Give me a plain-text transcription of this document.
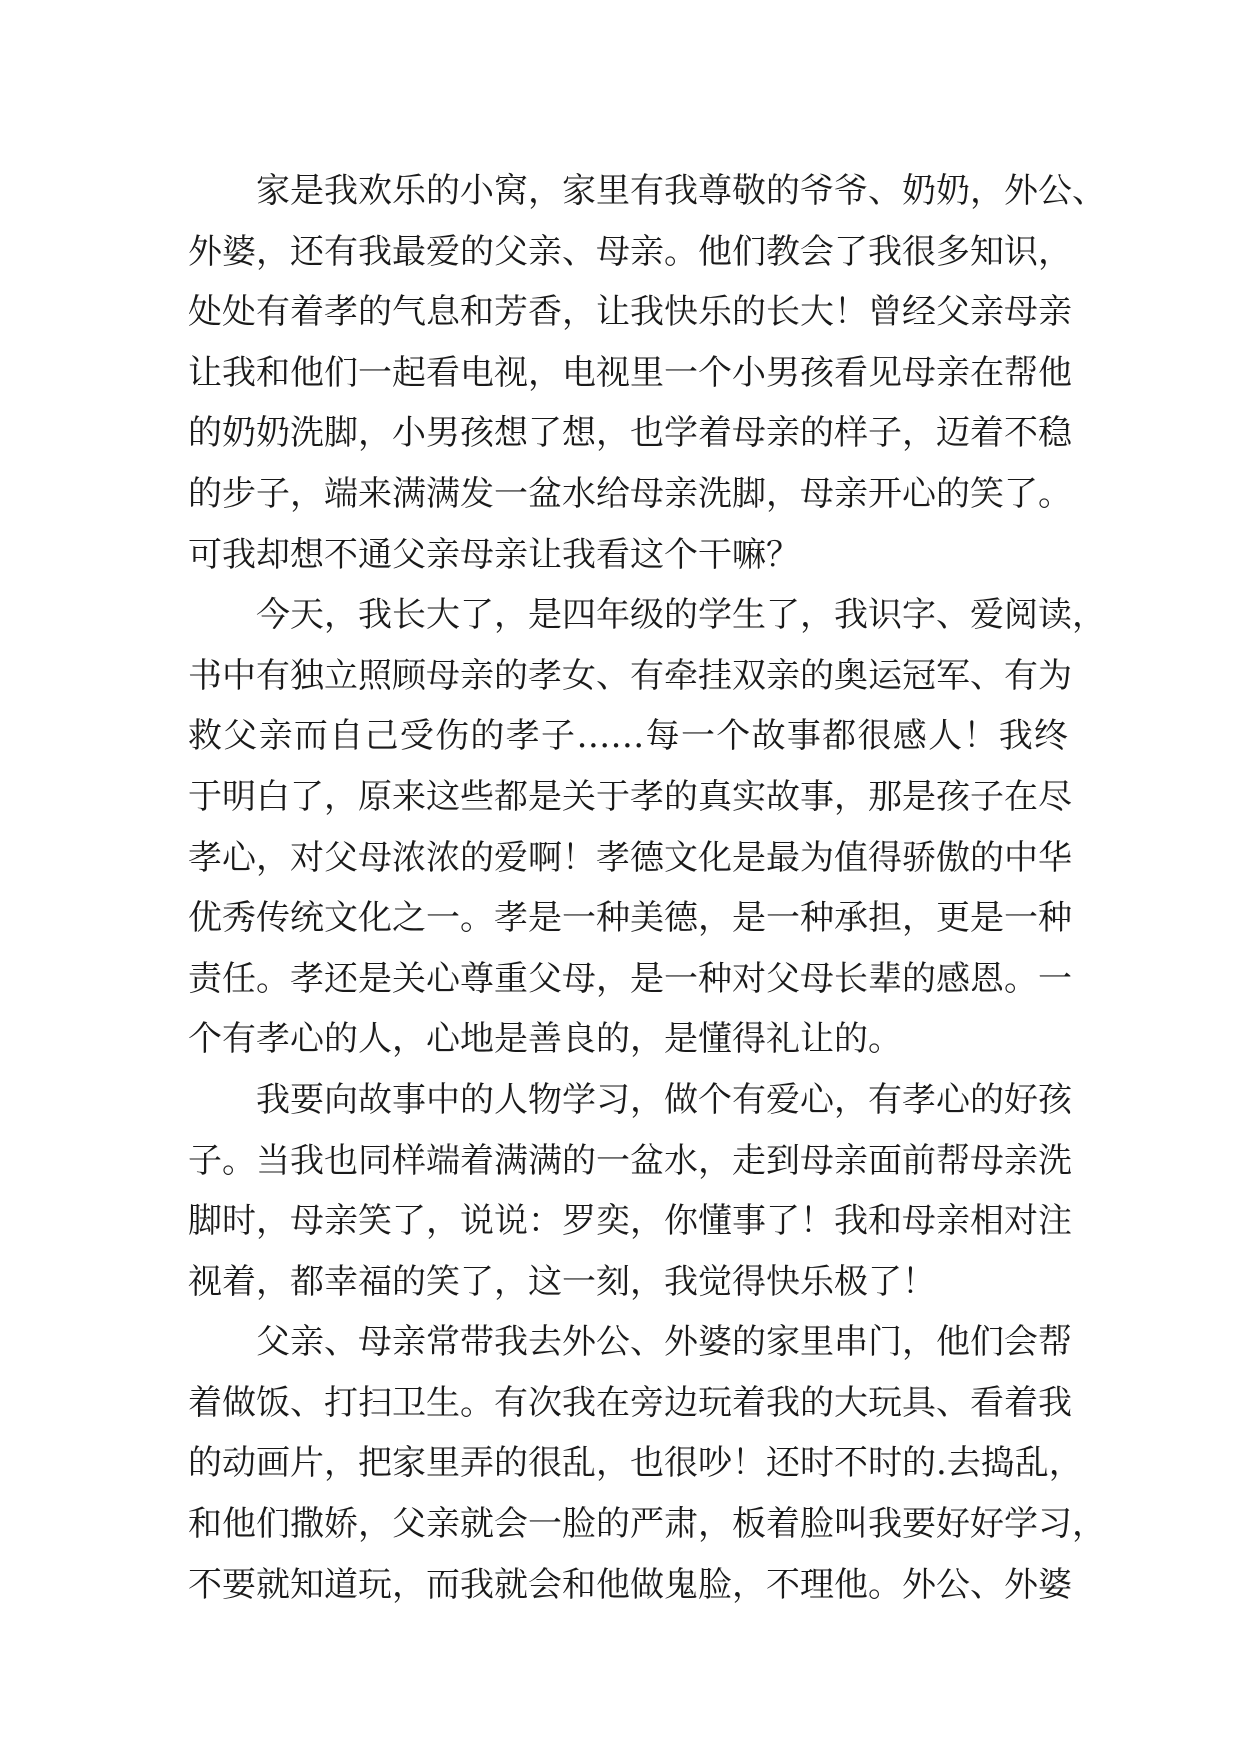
家是我欢乐的小窝，家里有我尊敬的爷爷、奶奶，外公、
外婆，还有我最爱的父亲、母亲。他们教会了我很多知识，
处处有着孝的气息和芳香，让我快乐的长大！曾经父亲母亲
让我和他们一起看电视，电视里一个小男孩看见母亲在帮他
的奶奶洗脚，小男孩想了想，也学着母亲的样子，迈着不稳
的步子，端来满满发一盆水给母亲洗脚，母亲开心的笑了。
可我却想不通父亲母亲让我看这个干嘛？
今天，我长大了，是四年级的学生了，我识字、爱阅读，
书中有独立照顾母亲的孝女、有牵挂双亲的奥运冠军、有为
救父亲而自己受伤的孝子……每一个故事都很感人！我终
于明白了，原来这些都是关于孝的真实故事，那是孩子在尽
孝心，对父母浓浓的爱啊！孝德文化是最为值得骄傲的中华
优秀传统文化之一。孝是一种美德，是一种承担，更是一种
责任。孝还是关心尊重父母，是一种对父母长辈的感恩。一
个有孝心的人，心地是善良的，是懂得礼让的。
我要向故事中的人物学习，做个有爱心，有孝心的好孩
子。当我也同样端着满满的一盆水，走到母亲面前帮母亲洗
脚时，母亲笑了，说说：罗奕，你懂事了！我和母亲相对注
视着，都幸福的笑了，这一刻，我觉得快乐极了！
父亲、母亲常带我去外公、外婆的家里串门，他们会帮
着做饭、打扫卫生。有次我在旁边玩着我的大玩具、看着我
的动画片，把家里弄的很乱，也很吵！还时不时的.去捣乱，
和他们撒娇，父亲就会一脸的严肃，板着脸叫我要好好学习，
不要就知道玩，而我就会和他做鬼脸，不理他。外公、外婆
